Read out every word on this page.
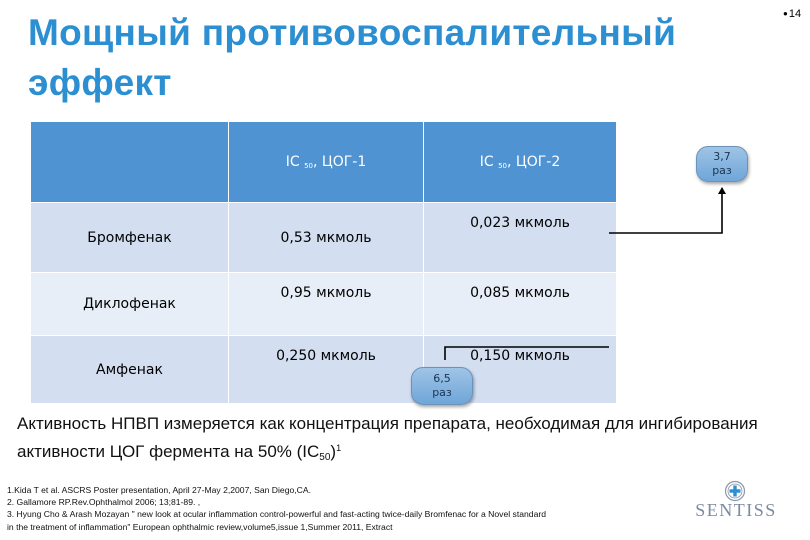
Мощный противовоспалительный эффект
●14
	IC $_{50}$, ЦОГ-1	IC $_{50}$, ЦОГ-2
Бромфенак	0,53 мкмоль	0,023 мкмоль
Диклофенак	0,95 мкмоль	0,085 мкмоль
Амфенак	0,250 мкмоль	0,150 мкмоль
3,7
раз
6,5
раз
Активность НПВП измеряется как концентрация препарата, необходимая для ингибирования активности ЦОГ фермента на 50% $(IC_{50})^1$
1.Kida T et al. ASCRS Poster presentation, April 27-May 2,2007, San Diego,CA.
2. Gallamore RP.Rev.Ophthalmol 2006; 13;81-89. ,
3. Hyung Cho & Arash Mozayan " new look at ocular inflammation control-powerful and fast-acting twice-daily Bromfenac for a Novel standard
in the treatment of inflammation" European ophthalmic review,volume5,issue 1,Summer 2011, Extract
SENTISS
